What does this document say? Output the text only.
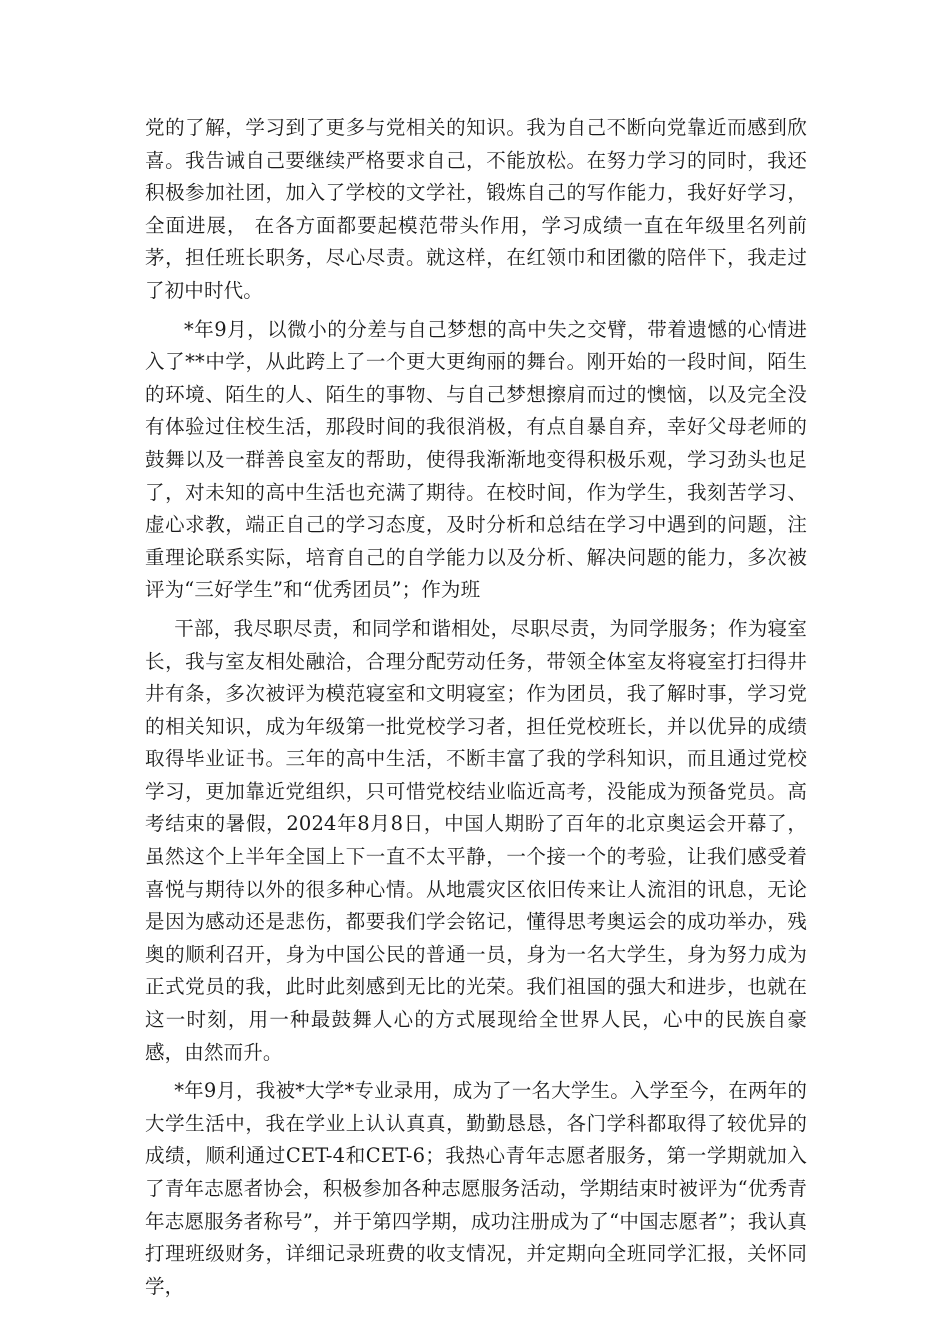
党的了解，学习到了更多与党相关的知识。我为自己不断向党靠近而感到欣喜。我告诫自己要继续严格要求自己，不能放松。在努力学习的同时，我还积极参加社团，加入了学校的文学社，锻炼自己的写作能力，我好好学习，全面进展， 在各方面都要起模范带头作用，学习成绩一直在年级里名列前茅，担任班长职务，尽心尽责。就这样，在红领巾和团徽的陪伴下，我走过了初中时代。

*年9月，以微小的分差与自己梦想的高中失之交臂，带着遗憾的心情进入了**中学，从此跨上了一个更大更绚丽的舞台。刚开始的一段时间，陌生的环境、陌生的人、陌生的事物、与自己梦想擦肩而过的懊恼，以及完全没有体验过住校生活，那段时间的我很消极，有点自暴自弃，幸好父母老师的鼓舞以及一群善良室友的帮助，使得我渐渐地变得积极乐观，学习劲头也足了，对未知的高中生活也充满了期待。在校时间，作为学生，我刻苦学习、虚心求教，端正自己的学习态度，及时分析和总结在学习中遇到的问题，注重理论联系实际，培育自己的自学能力以及分析、解决问题的能力，多次被评为“三好学生”和“优秀团员”；作为班

干部，我尽职尽责，和同学和谐相处，尽职尽责，为同学服务；作为寝室长，我与室友相处融洽，合理分配劳动任务，带领全体室友将寝室打扫得井井有条，多次被评为模范寝室和文明寝室；作为团员，我了解时事，学习党的相关知识，成为年级第一批党校学习者，担任党校班长，并以优异的成绩取得毕业证书。三年的高中生活，不断丰富了我的学科知识，而且通过党校学习，更加靠近党组织，只可惜党校结业临近高考，没能成为预备党员。高考结束的暑假，2024年8月8日，中国人期盼了百年的北京奥运会开幕了，虽然这个上半年全国上下一直不太平静，一个接一个的考验，让我们感受着喜悦与期待以外的很多种心情。从地震灾区依旧传来让人流泪的讯息，无论是因为感动还是悲伤，都要我们学会铭记，懂得思考奥运会的成功举办，残奥的顺利召开，身为中国公民的普通一员，身为一名大学生，身为努力成为正式党员的我，此时此刻感到无比的光荣。我们祖国的强大和进步，也就在这一时刻，用一种最鼓舞人心的方式展现给全世界人民，心中的民族自豪感，由然而升。

*年9月，我被*大学*专业录用，成为了一名大学生。入学至今，在两年的大学生活中，我在学业上认认真真，勤勤恳恳，各门学科都取得了较优异的成绩，顺利通过CET-4和CET-6；我热心青年志愿者服务，第一学期就加入了青年志愿者协会，积极参加各种志愿服务活动，学期结束时被评为“优秀青年志愿服务者称号”，并于第四学期，成功注册成为了“中国志愿者”；我认真打理班级财务，详细记录班费的收支情况，并定期向全班同学汇报，关怀同学，
